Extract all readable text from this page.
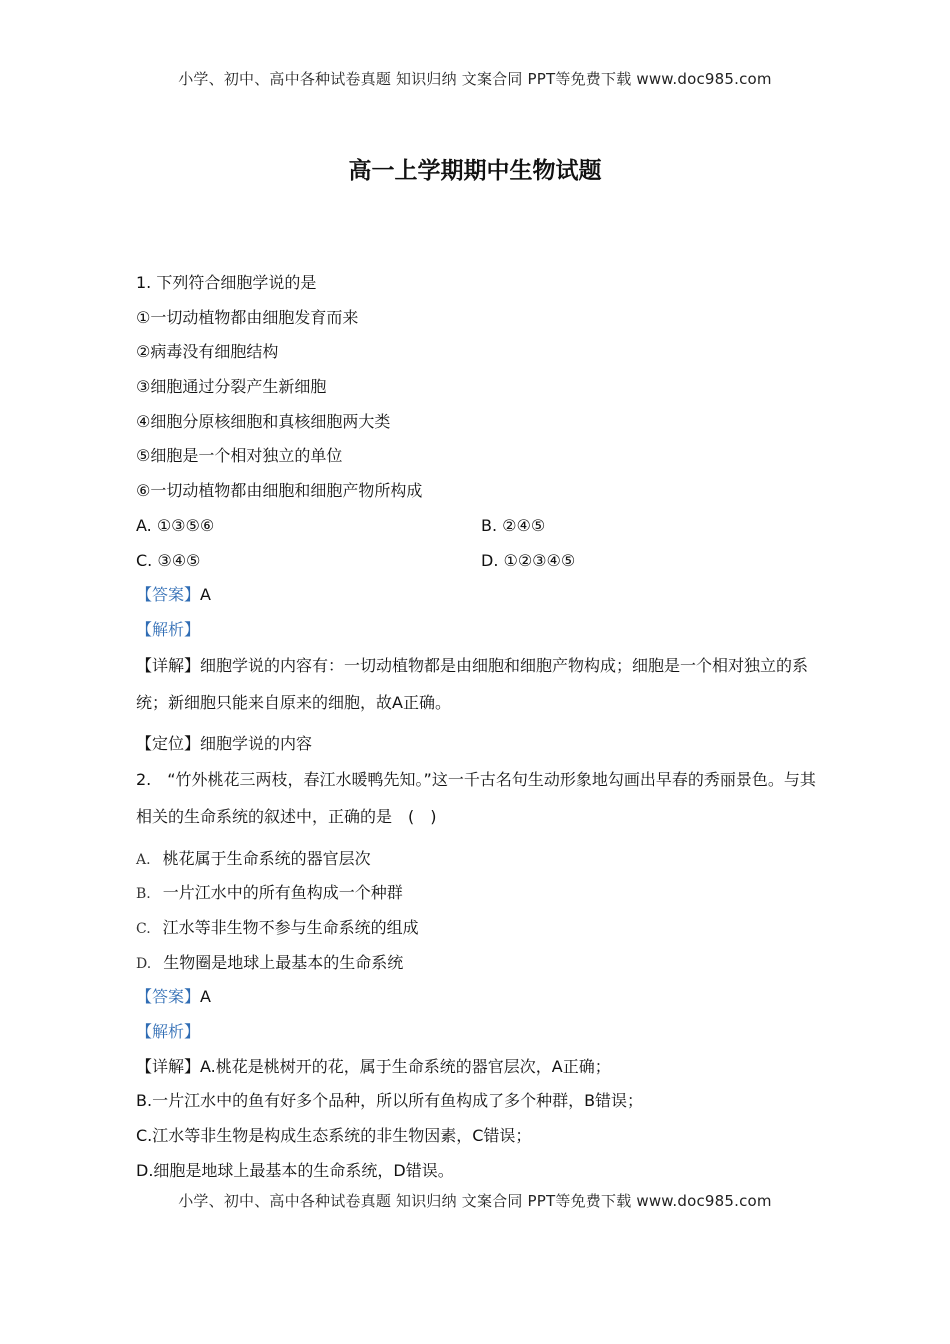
小学、初中、高中各种试卷真题 知识归纳 文案合同 PPT等免费下载 www.doc985.com
高一上学期期中生物试题
1. 下列符合细胞学说的是
①一切动植物都由细胞发育而来
②病毒没有细胞结构
③细胞通过分裂产生新细胞
④细胞分原核细胞和真核细胞两大类
⑤细胞是一个相对独立的单位
⑥一切动植物都由细胞和细胞产物所构成
A. ①③⑤⑥	B. ②④⑤
C. ③④⑤	D. ①②③④⑤
【答案】A
【解析】
【详解】细胞学说的内容有：一切动植物都是由细胞和细胞产物构成；细胞是一个相对独立的系统；新细胞只能来自原来的细胞，故A正确。
【定位】细胞学说的内容
2.　“竹外桃花三两枝，春江水暖鸭先知。”这一千古名句生动形象地勾画出早春的秀丽景色。与其相关的生命系统的叙述中，正确的是　(　)
A. 桃花属于生命系统的器官层次
B. 一片江水中的所有鱼构成一个种群
C. 江水等非生物不参与生命系统的组成
D. 生物圈是地球上最基本的生命系统
【答案】A
【解析】
【详解】A.桃花是桃树开的花，属于生命系统的器官层次，A正确；
B.一片江水中的鱼有好多个品种，所以所有鱼构成了多个种群，B错误；
C.江水等非生物是构成生态系统的非生物因素，C错误；
D.细胞是地球上最基本的生命系统，D错误。
小学、初中、高中各种试卷真题 知识归纳 文案合同 PPT等免费下载 www.doc985.com
